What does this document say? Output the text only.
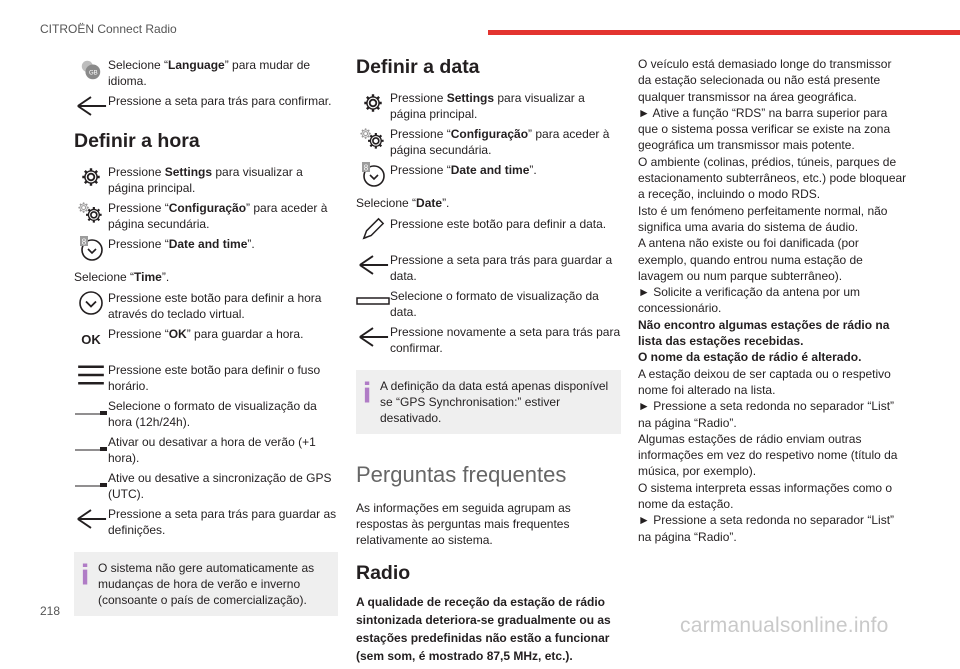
CITROËN Connect Radio
218
carmanualsonline.info
Selecione “Language” para mudar de idioma.
Pressione a seta para trás para confirmar.
Definir a hora
Pressione Settings para visualizar a página principal.
Pressione “Configuração” para aceder à página secundária.
Pressione “Date and time”.
Selecione “Time”.
Pressione este botão para definir a hora através do teclado virtual.
OK Pressione “OK” para guardar a hora.
Pressione este botão para definir o fuso horário.
Selecione o formato de visualização da hora (12h/24h).
Ativar ou desativar a hora de verão (+1 hora).
Ative ou desative a sincronização de GPS (UTC).
Pressione a seta para trás para guardar as definições.
O sistema não gere automaticamente as mudanças de hora de verão e inverno (consoante o país de comercialização).
Definir a data
Pressione Settings para visualizar a página principal.
Pressione “Configuração” para aceder à página secundária.
Pressione “Date and time”.
Selecione “Date”.
Pressione este botão para definir a data.
Pressione a seta para trás para guardar a data.
Selecione o formato de visualização da data.
Pressione novamente a seta para trás para confirmar.
A definição da data está apenas disponível se “GPS Synchronisation:” estiver desativado.
Perguntas frequentes
As informações em seguida agrupam as respostas às perguntas mais frequentes relativamente ao sistema.
Radio
A qualidade de receção da estação de rádio sintonizada deteriora-se gradualmente ou as estações predefinidas não estão a funcionar (sem som, é mostrado 87,5 MHz, etc.).

O veículo está demasiado longe do transmissor da estação selecionada ou não está presente qualquer transmissor na área geográfica.

► Ative a função “RDS” na barra superior para que o sistema possa verificar se existe na zona geográfica um transmissor mais potente.

O ambiente (colinas, prédios, túneis, parques de estacionamento subterrâneos, etc.) pode bloquear a receção, incluindo o modo RDS.

Isto é um fenómeno perfeitamente normal, não significa uma avaria do sistema de áudio.

A antena não existe ou foi danificada (por exemplo, quando entrou numa estação de lavagem ou num parque subterrâneo).

► Solicite a verificação da antena por um concessionário.

Não encontro algumas estações de rádio na lista das estações recebidas.

O nome da estação de rádio é alterado.

A estação deixou de ser captada ou o respetivo nome foi alterado na lista.

► Pressione a seta redonda no separador “List” na página “Radio”.

Algumas estações de rádio enviam outras informações em vez do respetivo nome (título da música, por exemplo).

O sistema interpreta essas informações como o nome da estação.

► Pressione a seta redonda no separador “List” na página “Radio”.
